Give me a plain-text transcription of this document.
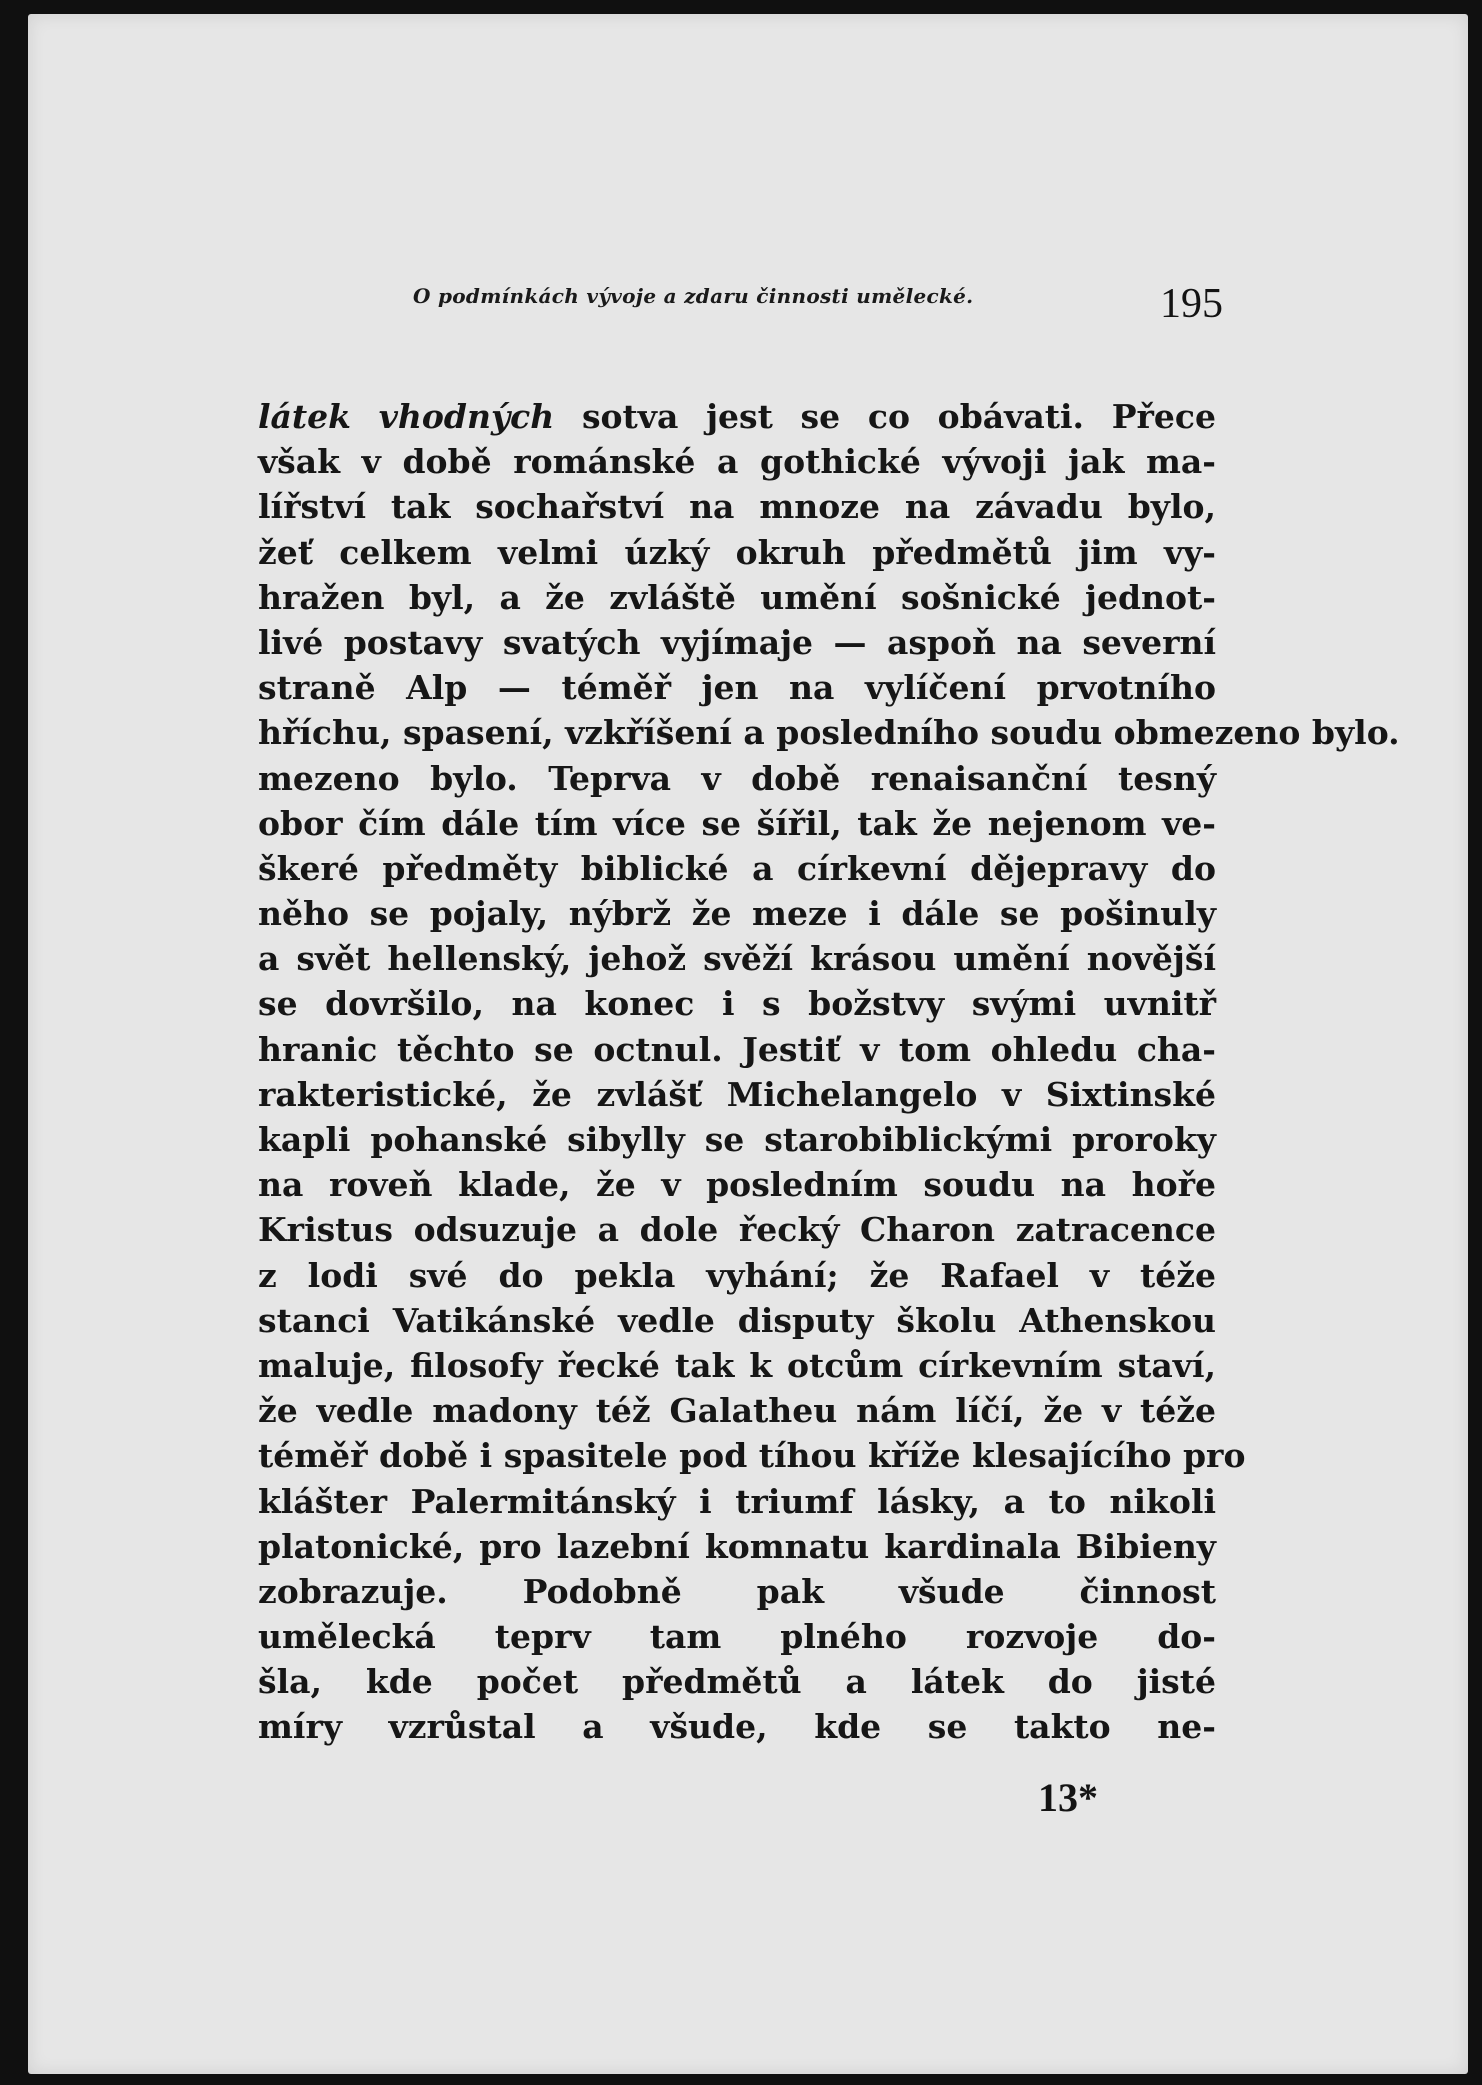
O podmínkách vývoje a zdaru činnosti umělecké.	195
látek vhodných sotva jest se co obávati. Přece
však v době románské a gothické vývoji jak ma-
lířství tak sochařství na mnoze na závadu bylo,
žeť celkem velmi úzký okruh předmětů jim vy-
hražen byl, a že zvláště umění sošnické jednot-
livé postavy svatých vyjímaje — aspoň na severní
straně Alp — téměř jen na vylíčení prvotního
hříchu, spasení, vzkříšení a posledního soudu obmezeno bylo.
mezeno bylo. Teprva v době renaisanční tesný
obor čím dále tím více se šířil, tak že nejenom ve-
škeré předměty biblické a církevní dějepravy do
něho se pojaly, nýbrž že meze i dále se pošinuly
a svět hellenský, jehož svěží krásou umění novější
se dovršilo, na konec i s božstvy svými uvnitř
hranic těchto se octnul. Jestiť v tom ohledu cha-
rakteristické, že zvlášť Michelangelo v Sixtinské
kapli pohanské sibylly se starobiblickými proroky
na roveň klade, že v posledním soudu na hoře
Kristus odsuzuje a dole řecký Charon zatracence
z lodi své do pekla vyhání; že Rafael v téže
stanci Vatikánské vedle disputy školu Athenskou
maluje, filosofy řecké tak k otcům církevním staví,
že vedle madony též Galatheu nám líčí, že v téže
téměř době i spasitele pod tíhou kříže klesajícího pro
klášter Palermitánský i triumf lásky, a to nikoli
platonické, pro lazební komnatu kardinala Bibieny
zobrazuje. Podobně pak všude činnost
umělecká teprv tam plného rozvoje do-
šla, kde počet předmětů a látek do jisté
míry vzrůstal a všude, kde se takto ne-
13*
